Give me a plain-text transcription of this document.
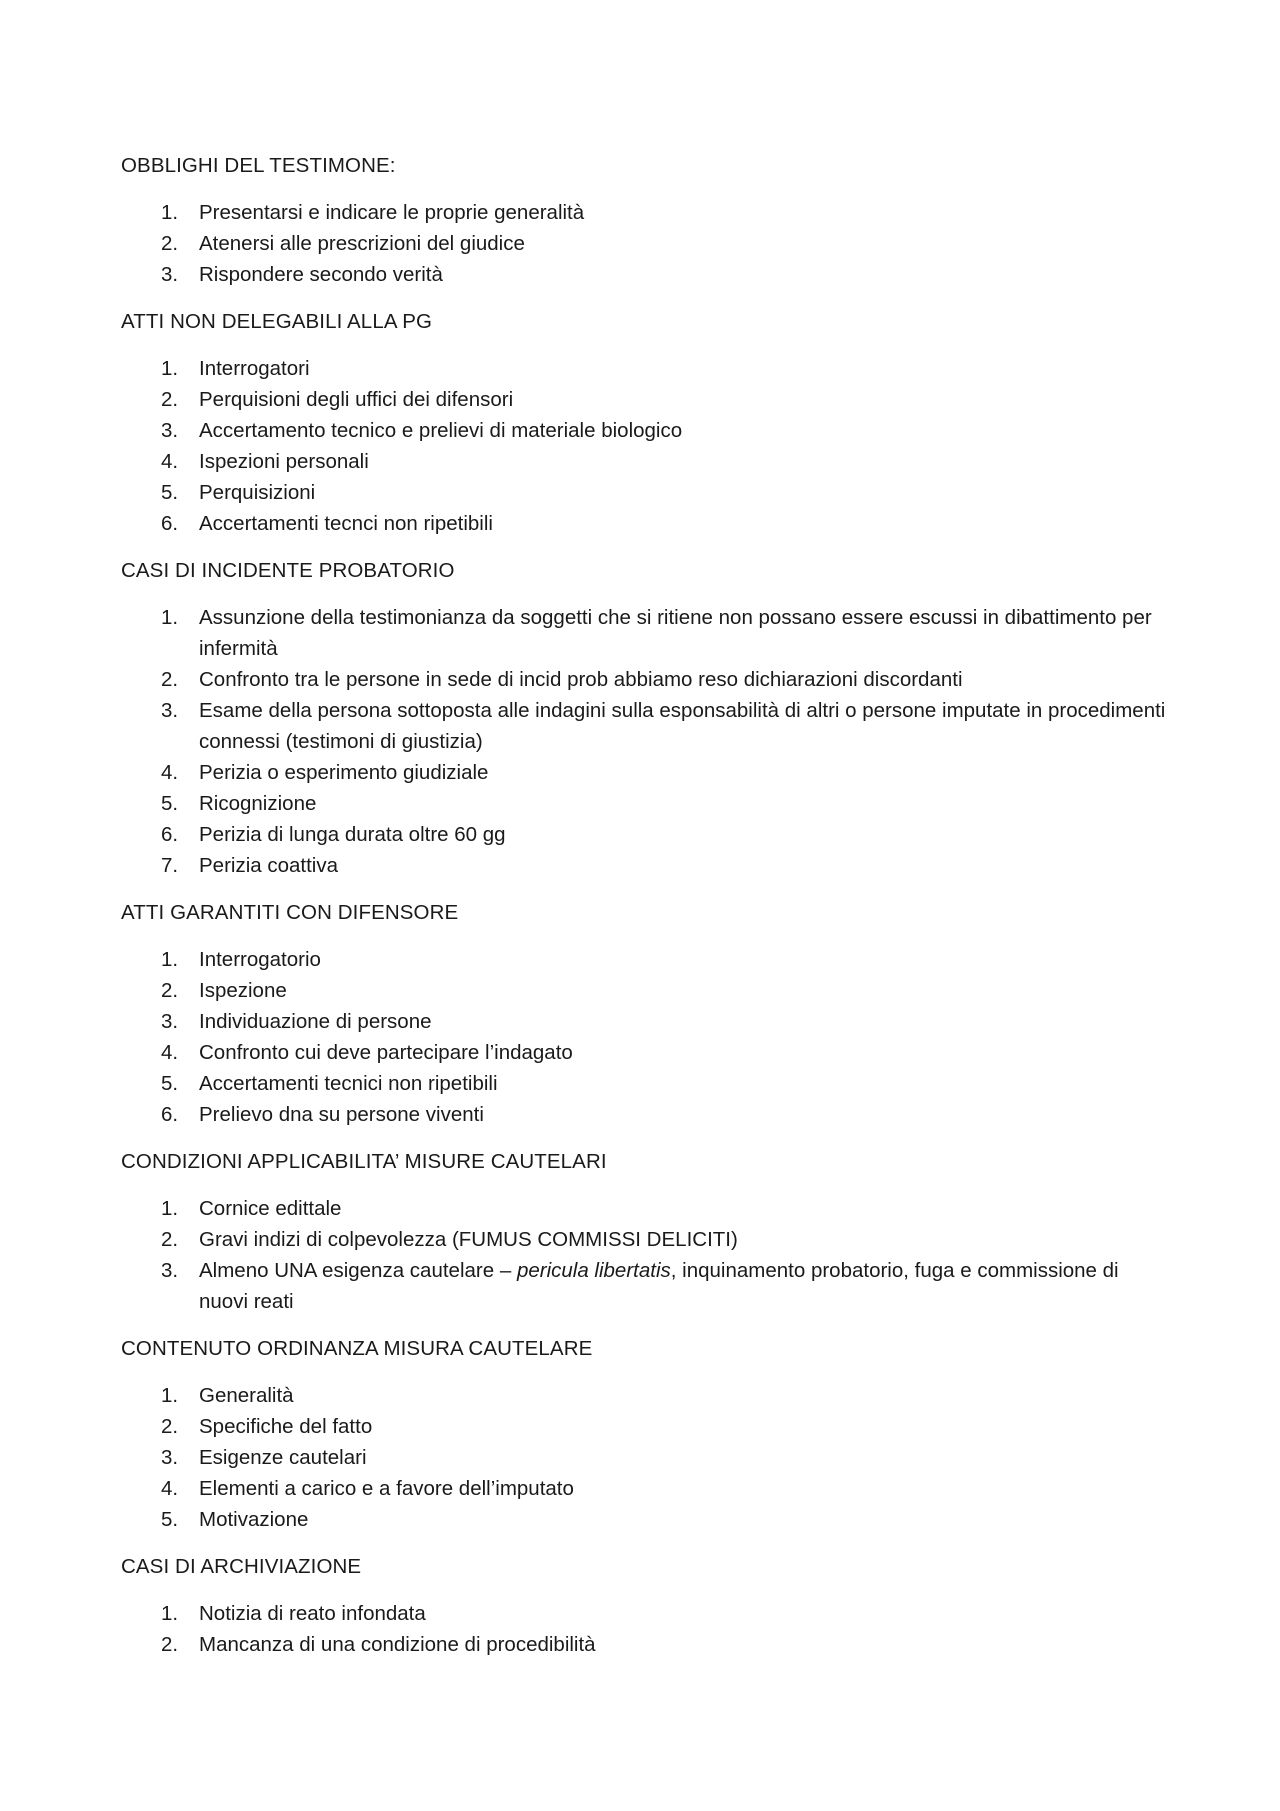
OBBLIGHI DEL TESTIMONE:
1.	Presentarsi e indicare le proprie generalità
2.	Atenersi alle prescrizioni del giudice
3.	Rispondere secondo verità
ATTI NON DELEGABILI ALLA PG
1.	Interrogatori
2.	Perquisioni degli uffici dei difensori
3.	Accertamento tecnico e prelievi di materiale biologico
4.	Ispezioni personali
5.	Perquisizioni
6.	Accertamenti tecnci non ripetibili
CASI DI INCIDENTE PROBATORIO
1.	Assunzione della testimonianza da soggetti che si ritiene non possano essere escussi in dibattimento per infermità
2.	Confronto tra le persone in sede di incid prob abbiamo reso dichiarazioni discordanti
3.	Esame della persona sottoposta alle indagini sulla esponsabilità di altri o persone imputate in procedimenti connessi (testimoni di giustizia)
4.	Perizia o esperimento giudiziale
5.	Ricognizione
6.	Perizia di lunga durata oltre 60 gg
7.	Perizia coattiva
ATTI GARANTITI CON DIFENSORE
1.	Interrogatorio
2.	Ispezione
3.	Individuazione di persone
4.	Confronto cui deve partecipare l’indagato
5.	Accertamenti tecnici non ripetibili
6.	Prelievo dna su persone viventi
CONDIZIONI APPLICABILITA’ MISURE CAUTELARI
1.	Cornice edittale
2.	Gravi indizi di colpevolezza (FUMUS COMMISSI DELICITI)
3.	Almeno UNA esigenza cautelare – pericula libertatis, inquinamento probatorio, fuga e commissione di nuovi reati
CONTENUTO ORDINANZA MISURA CAUTELARE
1.	Generalità
2.	Specifiche del fatto
3.	Esigenze cautelari
4.	Elementi a carico e a favore dell’imputato
5.	Motivazione
CASI DI ARCHIVIAZIONE
1.	Notizia di reato infondata
2.	Mancanza di una condizione di procedibilità
